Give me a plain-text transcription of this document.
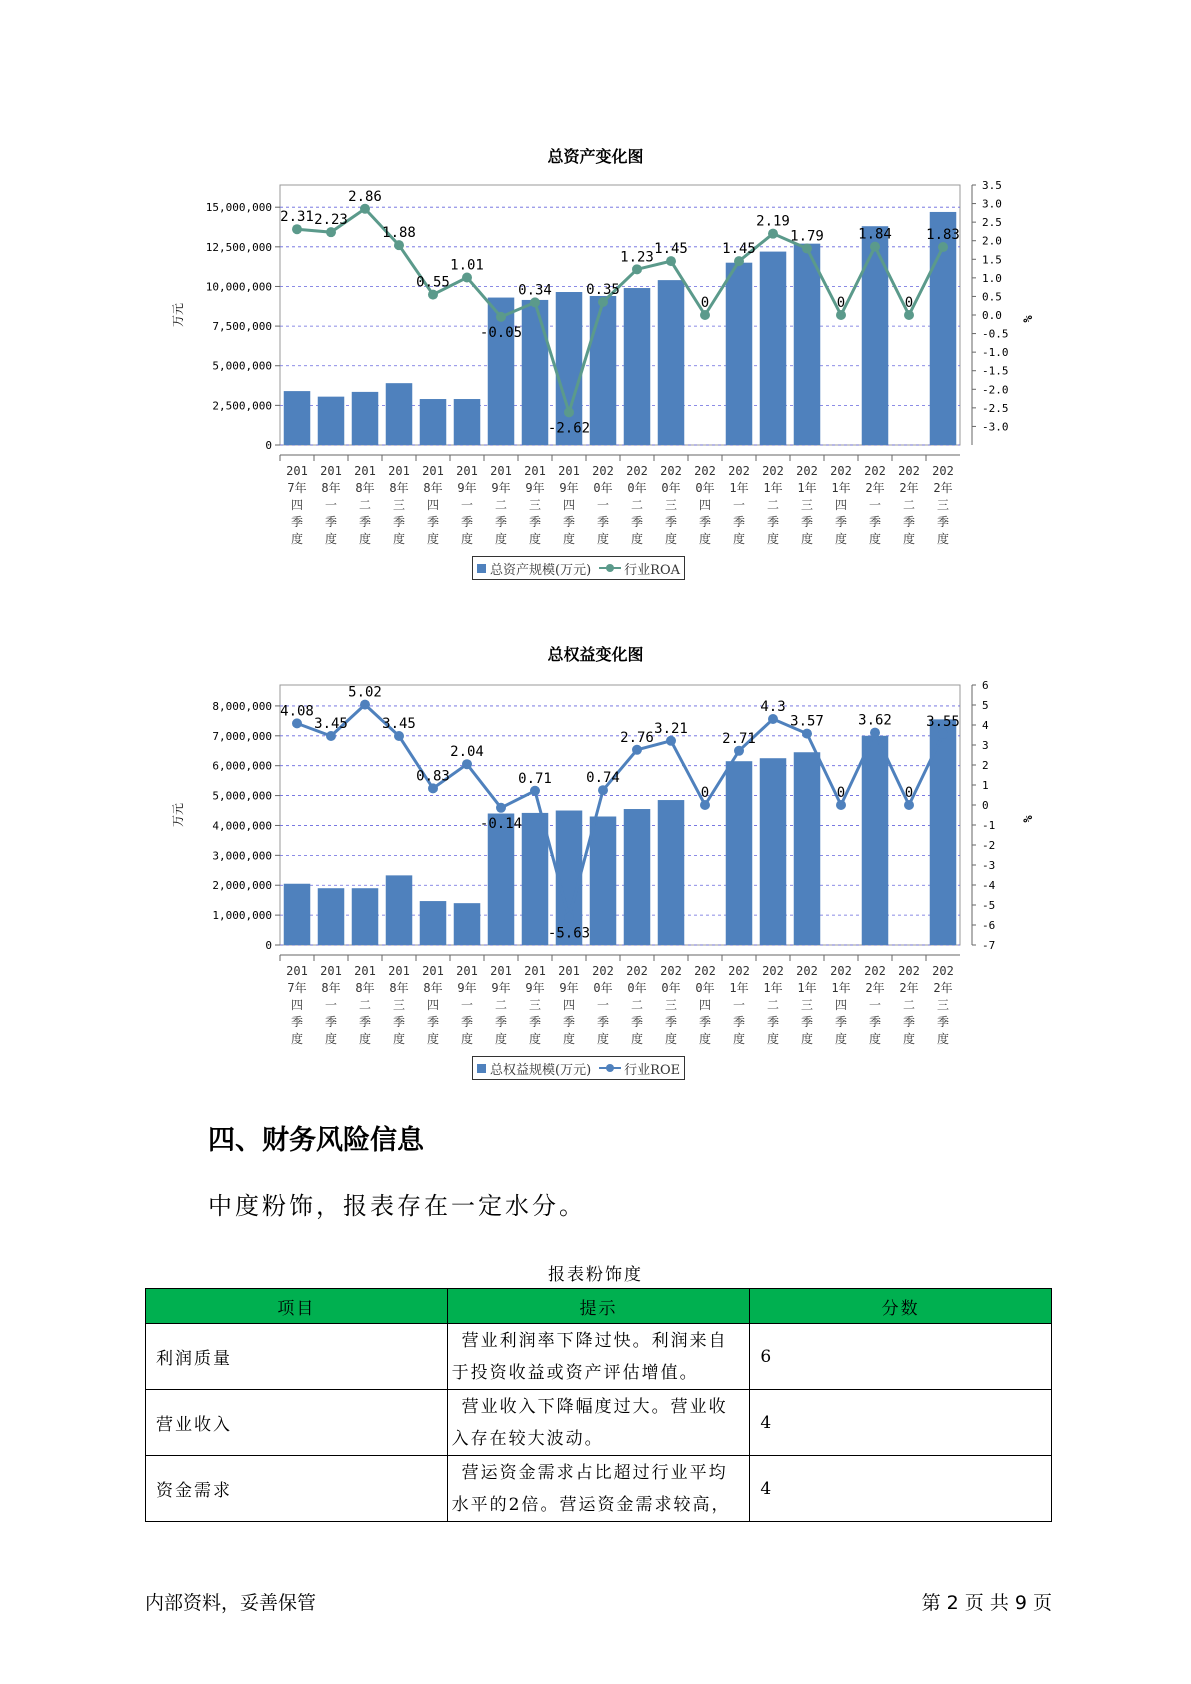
总资产变化图
15,000,000
12,500,000
10,000,000
7,500,000
5,000,000
2,500,000
0
3.5
3.0
2.5
2.0
1.5
1.0
0.5
0.0
-0.5
-1.0
-1.5
-2.0
-2.5
-3.0
万元	%
2.31 2.23
2.86
1.88
0.55
1.01
-0.05
0.34
-2.62
0.35
1.23
1.45
0
1.45
2.19
1.79
0
1.84
0
1.83
201
7年
四
季
度
201
8年
一
季
度
201
8年
二
季
度
201
8年
三
季
度
201
8年
四
季
度
201
9年
一
季
度
201
9年
二
季
度
201
9年
三
季
度
201
9年
四
季
度
202
0年
一
季
度
202
0年
二
季
度
202
0年
三
季
度
202
0年
四
季
度
202
1年
一
季
度
202
1年
二
季
度
202
1年
三
季
度
202
1年
四
季
度
202
2年
一
季
度
202
2年
二
季
度
202
2年
三
季
度
总资产规模(万元)	行业ROA
总权益变化图
8,000,000
7,000,000
6,000,000
5,000,000
4,000,000
3,000,000
2,000,000
1,000,000
0
6
5
4
3
2
1
0
-1
-2
-3
-4
-5
-6
-7
万元	%
4.08
3.45
5.02
3.45
0.83
2.04
-0.14
0.71
-5.63
0.74
2.76
3.21
0
2.71
4.3
3.57
0
3.62
0
3.55
201
7年
四
季
度
201
8年
一
季
度
201
8年
二
季
度
201
8年
三
季
度
201
8年
四
季
度
201
9年
一
季
度
201
9年
二
季
度
201
9年
三
季
度
201
9年
四
季
度
202
0年
一
季
度
202
0年
二
季
度
202
0年
三
季
度
202
0年
四
季
度
202
1年
一
季
度
202
1年
二
季
度
202
1年
三
季
度
202
1年
四
季
度
202
2年
一
季
度
202
2年
二
季
度
202
2年
三
季
度
总权益规模(万元)	行业ROE
四、财务风险信息

中度粉饰，报表存在一定水分。

报表粉饰度
项目	提示	分数
利润质量	营业利润率下降过快。利润来自
于投资收益或资产评估增值。	6
营业收入	营业收入下降幅度过大。营业收
入存在较大波动。	4
资金需求	营运资金需求占比超过行业平均
水平的2倍。营运资金需求较高，	4
内部资料，妥善保管	第 2 页 共 9 页
